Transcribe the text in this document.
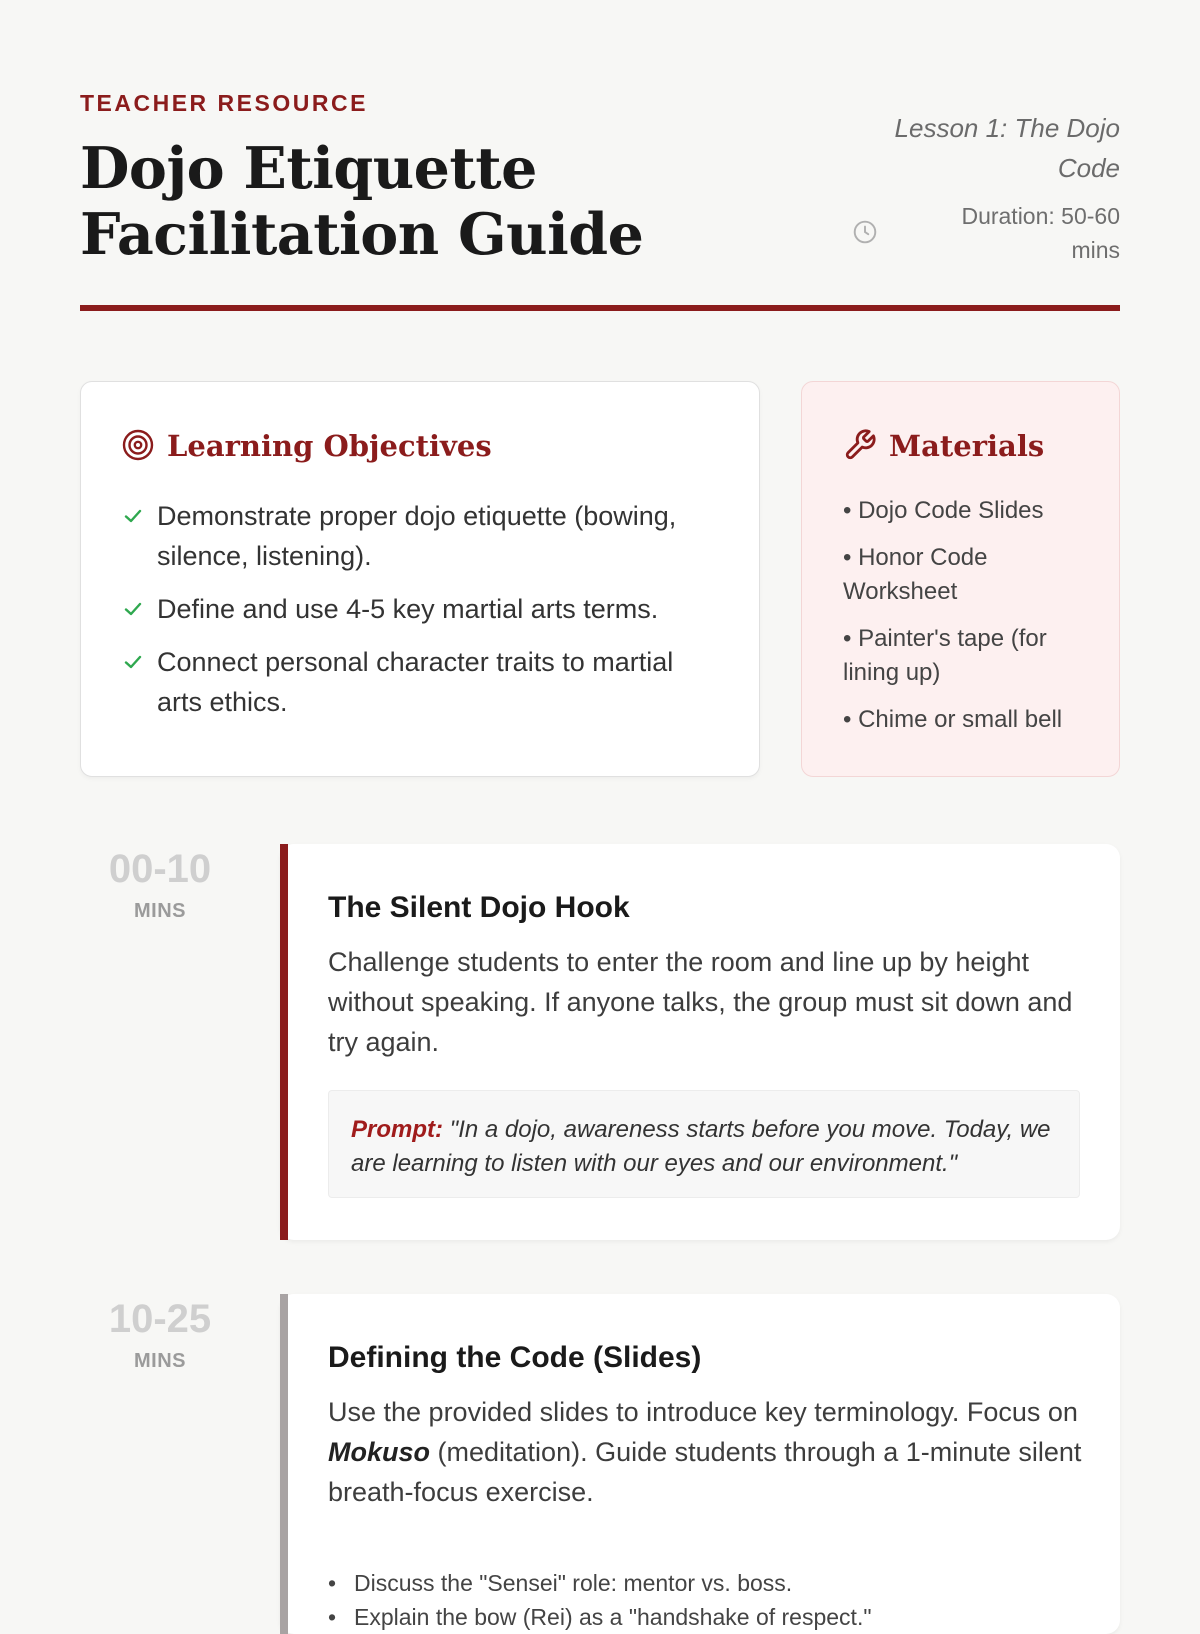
TEACHER RESOURCE
Dojo Etiquette Facilitation Guide
Lesson 1: The Dojo Code
Duration: 50-60 mins
Learning Objectives
Demonstrate proper dojo etiquette (bowing, silence, listening).
Define and use 4-5 key martial arts terms.
Connect personal character traits to martial arts ethics.
Materials
• Dojo Code Slides
• Honor Code Worksheet
• Painter's tape (for lining up)
• Chime or small bell
00-10
MINS	The Silent Dojo Hook
Challenge students to enter the room and line up by height without speaking. If anyone talks, the group must sit down and try again.
Prompt: "In a dojo, awareness starts before you move. Today, we are learning to listen with our eyes and our environment."
10-25
MINS	Defining the Code (Slides)
Use the provided slides to introduce key terminology. Focus on Mokuso (meditation). Guide students through a 1-minute silent breath-focus exercise.
• Discuss the "Sensei" role: mentor vs. boss.
• Explain the bow (Rei) as a "handshake of respect."
